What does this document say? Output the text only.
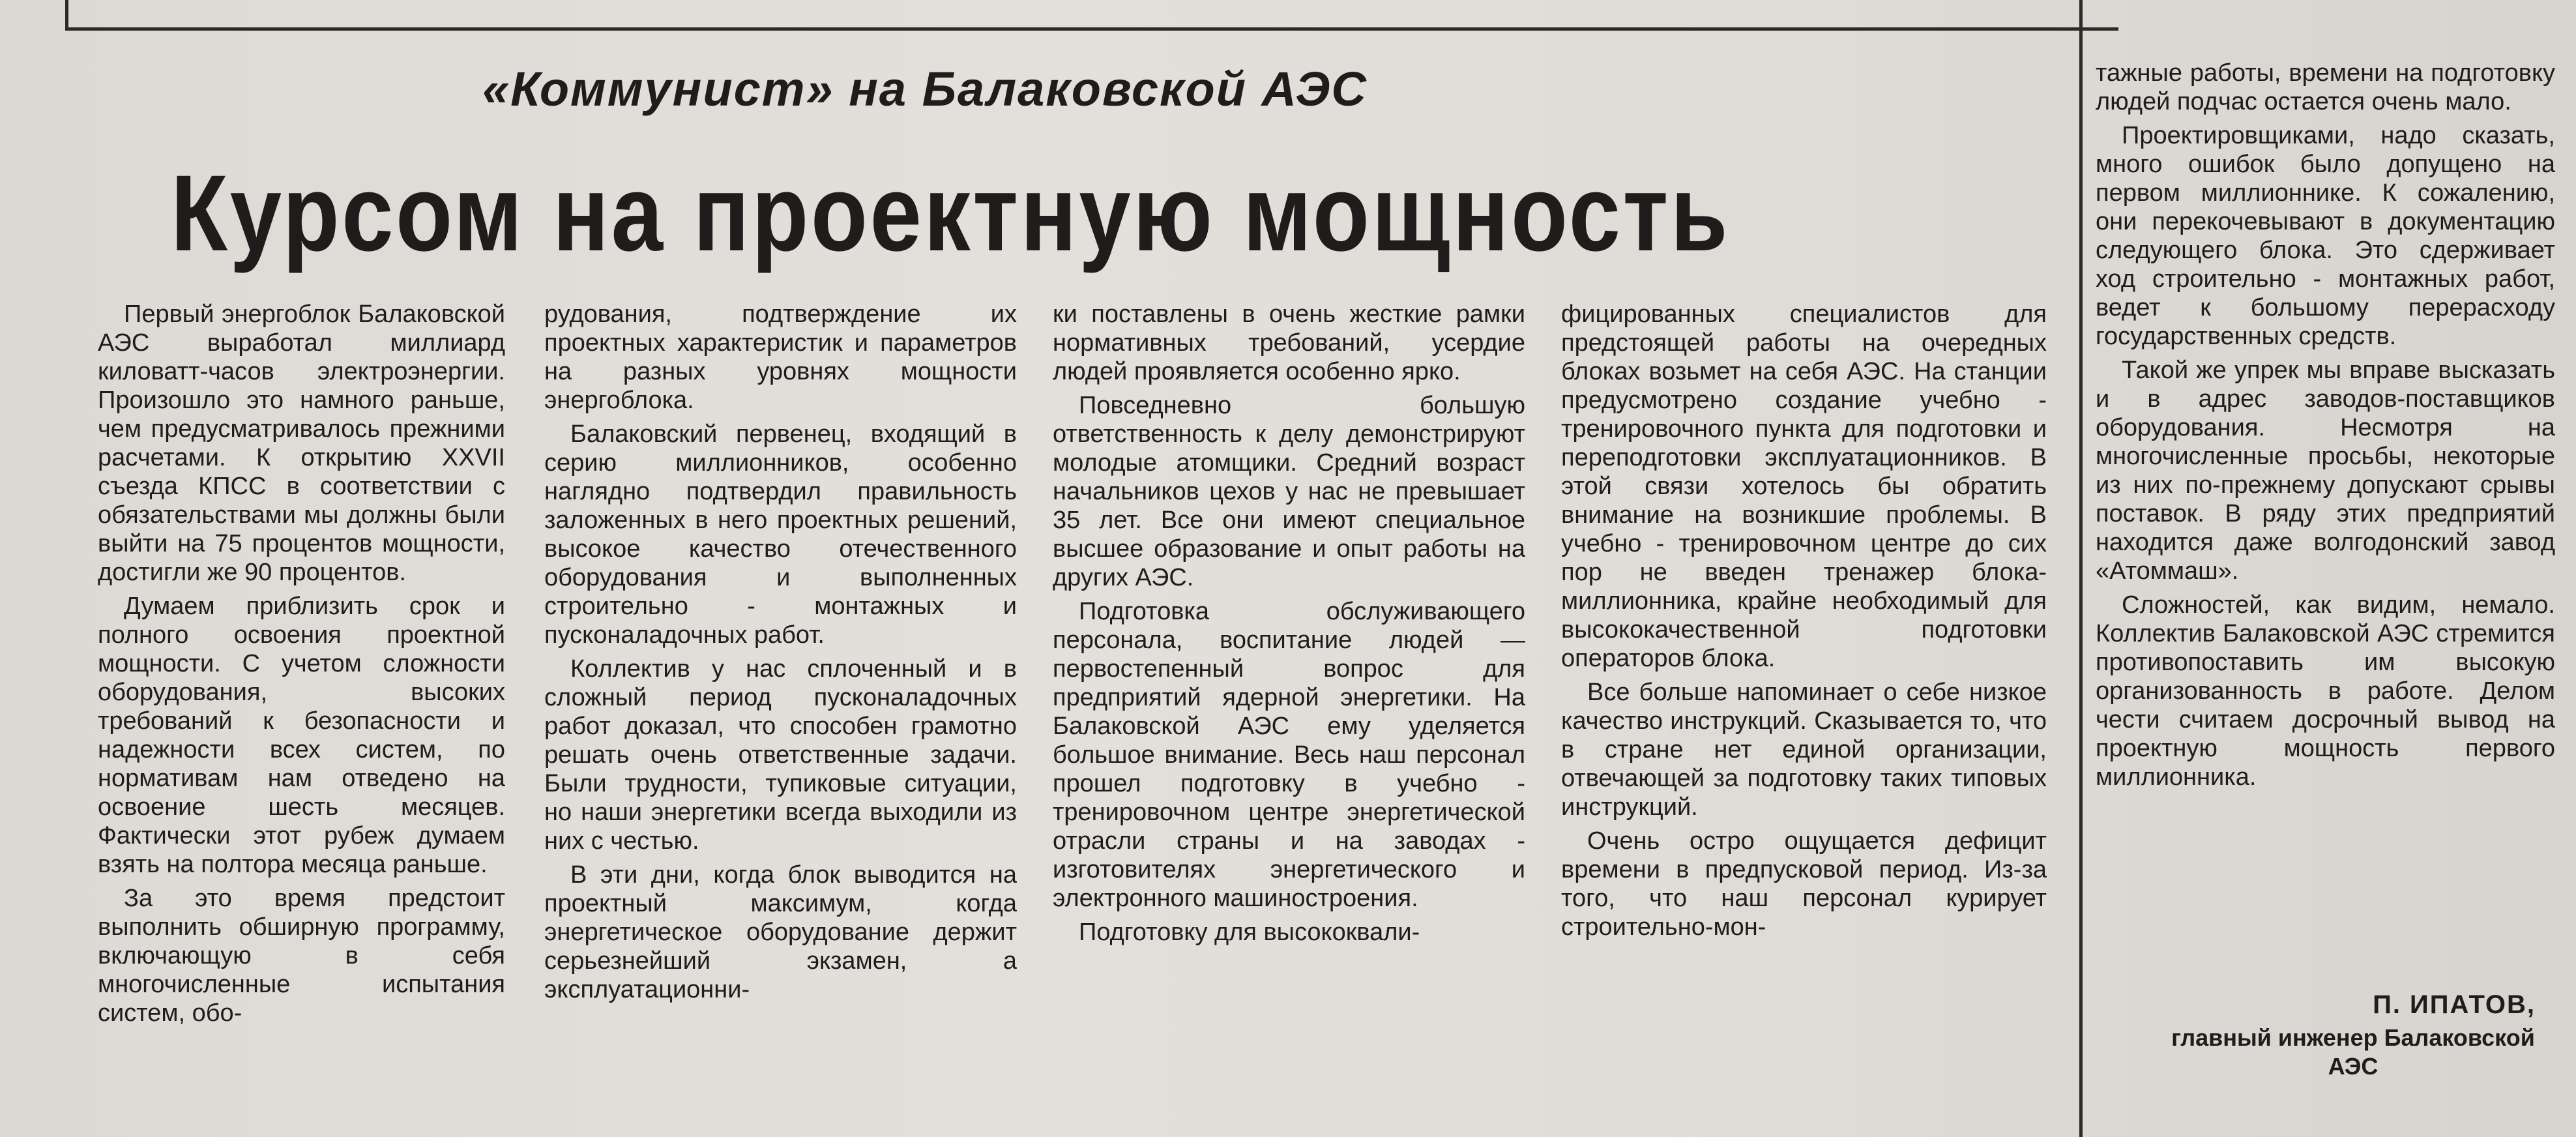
«Коммунист» на Балаковской АЭС
Курсом на проектную мощность

Первый энергоблок Балаковской АЭС выработал миллиард киловатт-часов электроэнергии. Произошло это намного раньше, чем предусматривалось прежними расчетами. К открытию XXVII съезда КПСС в соответствии с обязательствами мы должны были выйти на 75 процентов мощности, достигли же 90 процентов.

Думаем приблизить срок и полного освоения проектной мощности. С учетом сложности оборудования, высоких требований к безопасности и надежности всех систем, по нормативам нам отведено на освоение шесть месяцев. Фактически этот рубеж думаем взять на полтора месяца раньше.

За это время предстоит выполнить обширную программу, включающую в себя многочисленные испытания систем, обо-

рудования, подтверждение их проектных характеристик и параметров на разных уровнях мощности энергоблока.

Балаковский первенец, входящий в серию миллионников, особенно наглядно подтвердил правильность заложенных в него проектных решений, высокое качество отечественного оборудования и выполненных строительно - монтажных и пусконаладочных работ.

Коллектив у нас сплоченный и в сложный период пусконаладочных работ доказал, что способен грамотно решать очень ответственные задачи. Были трудности, тупиковые ситуации, но наши энергетики всегда выходили из них с честью.

В эти дни, когда блок выводится на проектный максимум, когда энергетическое оборудование держит серьезнейший экзамен, а эксплуатационни-

ки поставлены в очень жесткие рамки нормативных требований, усердие людей проявляется особенно ярко.

Повседневно большую ответственность к делу демонстрируют молодые атомщики. Средний возраст начальников цехов у нас не превышает 35 лет. Все они имеют специальное высшее образование и опыт работы на других АЭС.

Подготовка обслуживающего персонала, воспитание людей — первостепенный вопрос для предприятий ядерной энергетики. На Балаковской АЭС ему уделяется большое внимание. Весь наш персонал прошел подготовку в учебно - тренировочном центре энергетической отрасли страны и на заводах - изготовителях энергетического и электронного машиностроения.

Подготовку для высококвали-

фицированных специалистов для предстоящей работы на очередных блоках возьмет на себя АЭС. На станции предусмотрено создание учебно - тренировочного пункта для подготовки и переподготовки эксплуатационников. В этой связи хотелось бы обратить внимание на возникшие проблемы. В учебно - тренировочном центре до сих пор не введен тренажер блока-миллионника, крайне необходимый для высококачественной подготовки операторов блока.

Все больше напоминает о себе низкое качество инструкций. Сказывается то, что в стране нет единой организации, отвечающей за подготовку таких типовых инструкций.

Очень остро ощущается дефицит времени в предпусковой период. Из-за того, что наш персонал курирует строительно-мон-

тажные работы, времени на подготовку людей подчас остается очень мало.

Проектировщиками, надо сказать, много ошибок было допущено на первом миллионнике. К сожалению, они перекочевывают в документацию следующего блока. Это сдерживает ход строительно - монтажных работ, ведет к большому перерасходу государственных средств.

Такой же упрек мы вправе высказать и в адрес заводов-поставщиков оборудования. Несмотря на многочисленные просьбы, некоторые из них по-прежнему допускают срывы поставок. В ряду этих предприятий находится даже волгодонский завод «Атоммаш».

Сложностей, как видим, немало. Коллектив Балаковской АЭС стремится противопоставить им высокую организованность в работе. Делом чести считаем досрочный вывод на проектную мощность первого миллионника.

П. ИПАТОВ,
главный инженер Балаковской АЭС
